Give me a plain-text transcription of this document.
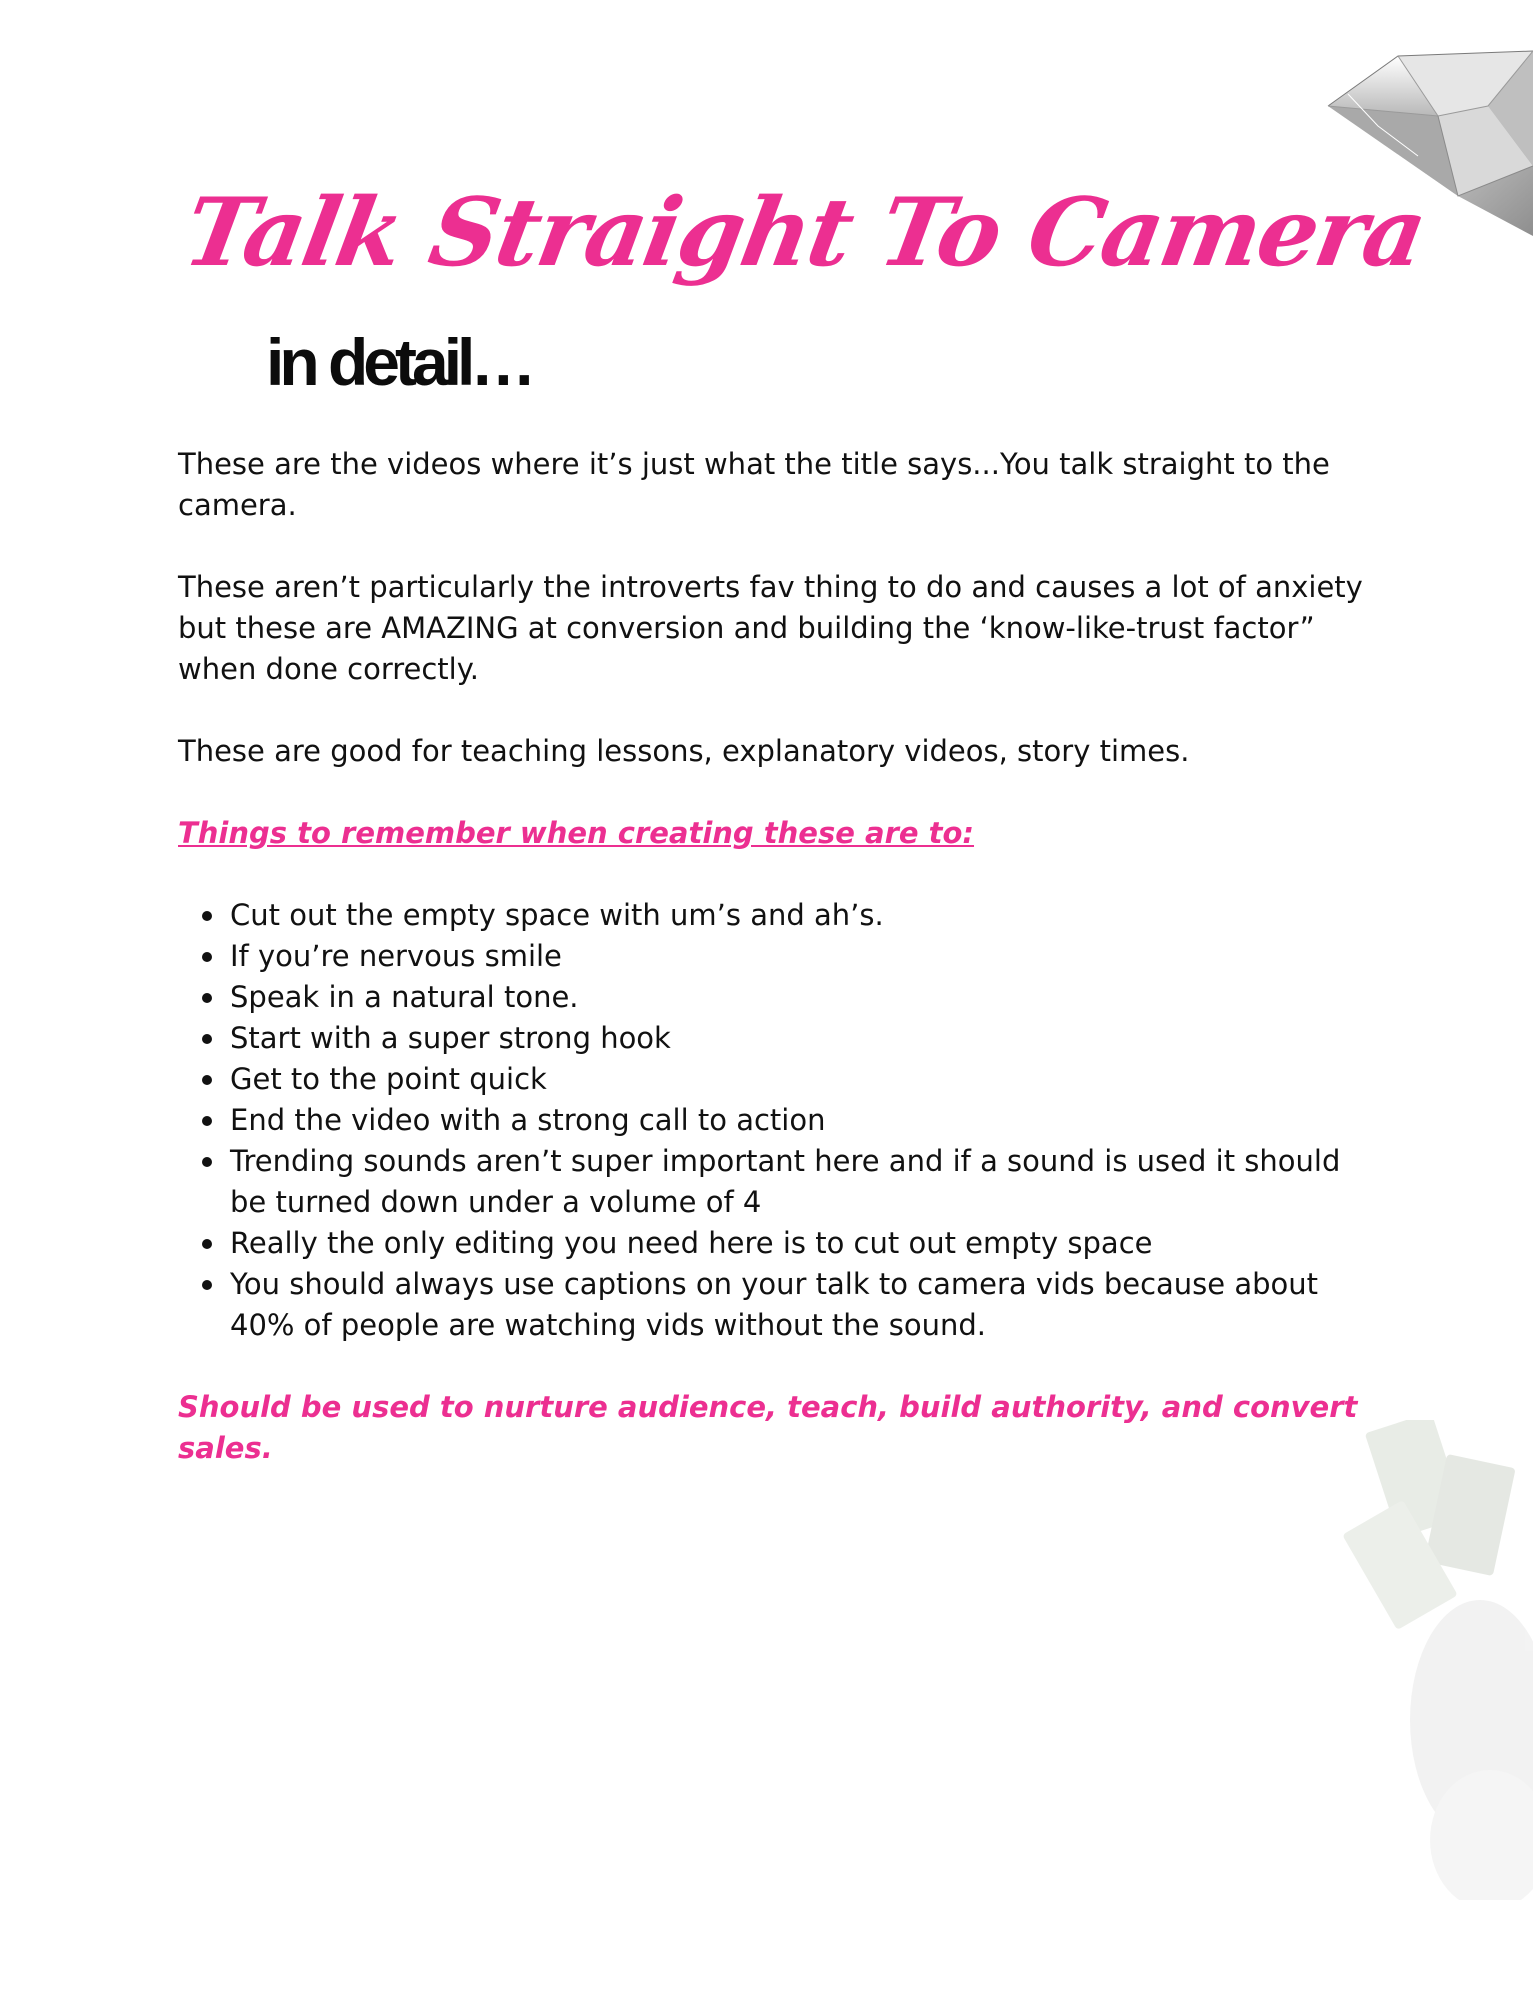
Talk Straight To Camera
in detail…

These are the videos where it’s just what the title says...You talk straight to the camera.

These aren’t particularly the introverts fav thing to do and causes a lot of anxiety but these are AMAZING at conversion and building the ‘know-like-trust factor” when done correctly.

These are good for teaching lessons, explanatory videos, story times.

Things to remember when creating these are to:

Cut out the empty space with um’s and ah’s.
If you’re nervous smile
Speak in a natural tone.
Start with a super strong hook
Get to the point quick
End the video with a strong call to action
Trending sounds aren’t super important here and if a sound is used it should be turned down under a volume of 4
Really the only editing you need here is to cut out empty space
You should always use captions on your talk to camera vids because about 40% of people are watching vids without the sound.

Should be used to nurture audience, teach, build authority, and convert sales.
